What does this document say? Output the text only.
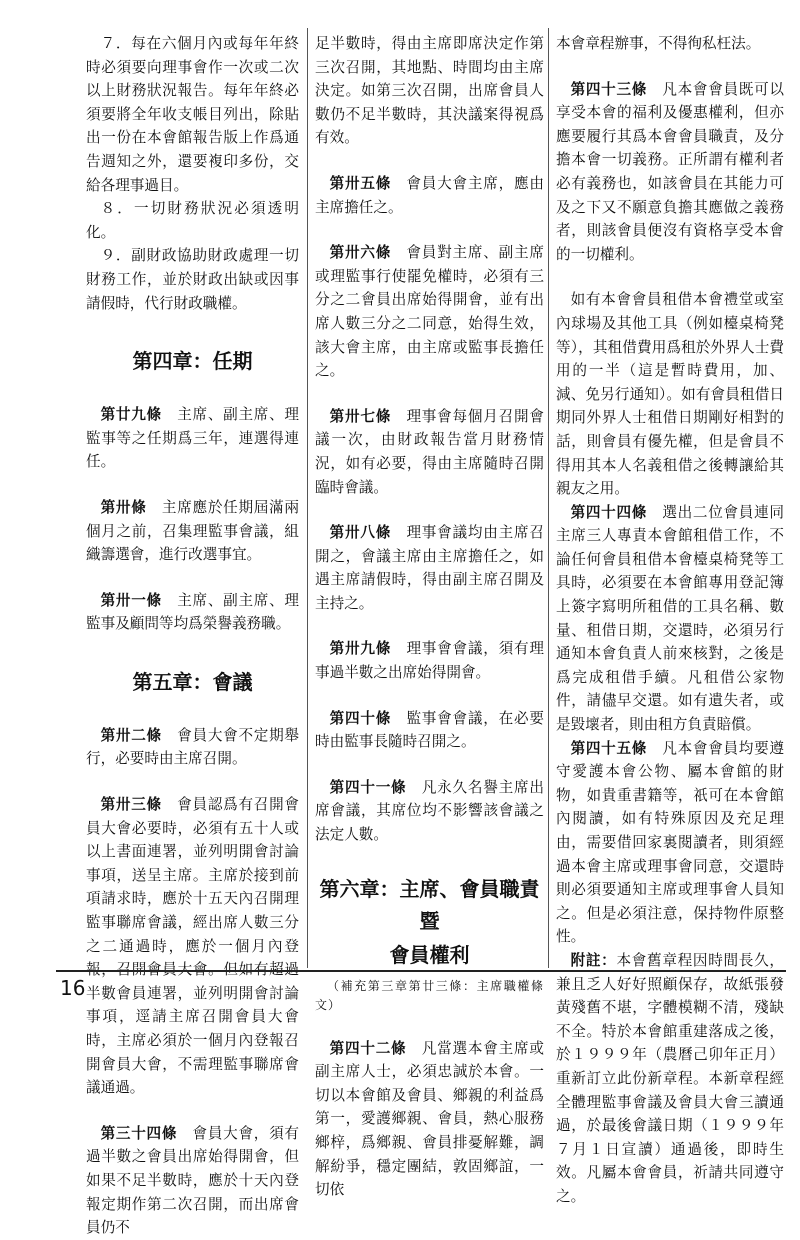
７．每在六個月內或每年年終時必須要向理事會作一次或二次以上財務狀況報告。每年年終必須要將全年收支帳目列出，除貼出一份在本會館報告版上作爲通告週知之外，還要複印多份，交給各理事過目。

８．一切財務狀況必須透明化。

９．副財政協助財政處理一切財務工作，並於財政出缺或因事請假時，代行財政職權。

第四章：任期

第廿九條　 主席、副主席、理監事等之任期爲三年，連選得連任。

第卅條　 主席應於任期屆滿兩個月之前，召集理監事會議，組織籌選會，進行改選事宜。

第卅一條　 主席、副主席、理監事及顧問等均爲榮譽義務職。

第五章：會議

第卅二條　 會員大會不定期舉行，必要時由主席召開。

第卅三條　 會員認爲有召開會員大會必要時，必須有五十人或以上書面連署，並列明開會討論事項，送呈主席。主席於接到前項請求時，應於十五天內召開理監事聯席會議，經出席人數三分之二通過時，應於一個月內登報，召開會員大會。但如有超過半數會員連署，並列明開會討論事項，逕請主席召開會員大會時，主席必須於一個月內登報召開會員大會，不需理監事聯席會議通過。

第三十四條　 會員大會，須有過半數之會員出席始得開會，但如果不足半數時，應於十天內登報定期作第二次召開，而出席會員仍不

足半數時，得由主席即席決定作第三次召開，其地點、時間均由主席決定。如第三次召開，出席會員人數仍不足半數時，其決議案得視爲有效。

第卅五條　 會員大會主席，應由主席擔任之。

第卅六條　 會員對主席、副主席或理監事行使罷免權時，必須有三分之二會員出席始得開會，並有出席人數三分之二同意，始得生效，該大會主席，由主席或監事長擔任之。

第卅七條　 理事會每個月召開會議一次，由財政報告當月財務情況，如有必要，得由主席隨時召開臨時會議。

第卅八條　 理事會議均由主席召開之，會議主席由主席擔任之，如遇主席請假時，得由副主席召開及主持之。

第卅九條　 理事會會議，須有理事過半數之出席始得開會。

第四十條　 監事會會議，在必要時由監事長隨時召開之。

第四十一條　 凡永久名譽主席出席會議，其席位均不影響該會議之法定人數。

第六章：主席、會員職責暨
會員權利

（補充第三章第廿三條：主席職權條文）

第四十二條　 凡當選本會主席或副主席人士，必須忠誠於本會。一切以本會館及會員、鄉親的利益爲第一，愛護鄉親、會員，熱心服務鄉梓，爲鄉親、會員排憂解難，調解紛爭，穩定團結，敦固鄉誼，一切依

本會章程辦事，不得徇私枉法。

第四十三條　 凡本會會員既可以享受本會的福利及優惠權利，但亦應要履行其爲本會會員職責，及分擔本會一切義務。正所謂有權利者必有義務也，如該會員在其能力可及之下又不願意負擔其應做之義務者，則該會員便沒有資格享受本會的一切權利。

如有本會會員租借本會禮堂或室內球場及其他工具（例如檯桌椅凳等），其租借費用爲租於外界人士費用的一半（這是暫時費用，加、減、免另行通知）。如有會員租借日期同外界人士租借日期剛好相對的話，則會員有優先權，但是會員不得用其本人名義租借之後轉讓給其親友之用。

第四十四條　 選出二位會員連同主席三人專責本會館租借工作，不論任何會員租借本會檯桌椅凳等工具時，必須要在本會館專用登記簿上簽字寫明所租借的工具名稱、數量、租借日期，交還時，必須另行通知本會負責人前來核對，之後是爲完成租借手續。凡租借公家物件，請儘早交還。如有遺失者，或是毀壞者，則由租方負責賠償。

第四十五條　 凡本會會員均要遵守愛護本會公物、屬本會館的財物，如貴重書籍等，祇可在本會館內閱讀，如有特殊原因及充足理由，需要借回家裏閱讀者，則須經過本會主席或理事會同意，交還時則必須要通知主席或理事會人員知之。但是必須注意，保持物件原整性。

附註：本會舊章程因時間長久，兼且乏人好好照顧保存，故紙張發黃殘舊不堪，字體模糊不清，殘缺不全。特於本會館重建落成之後，於１９９９年（農曆己卯年正月）重新訂立此份新章程。本新章程經全體理監事會議及會員大會三讀通過，於最後會議日期（１９９９年７月１日宣讀）通過後，即時生效。凡屬本會會員，祈請共同遵守之。

16
